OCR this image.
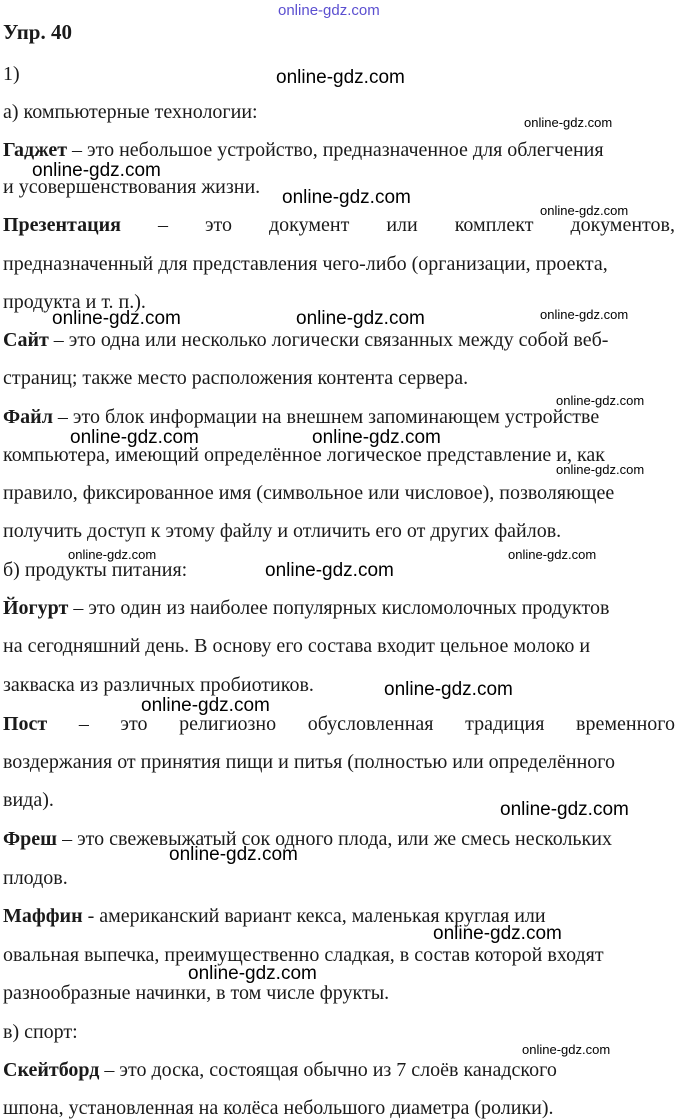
online-gdz.com
online-gdz.com
online-gdz.com
online-gdz.com
online-gdz.com
online-gdz.com
online-gdz.com
online-gdz.com	online-gdz.com
online-gdz.com
online-gdz.com	online-gdz.com
online-gdz.com
online-gdz.com	online-gdz.com
online-gdz.com
online-gdz.com
online-gdz.com
online-gdz.com
online-gdz.com
online-gdz.com
online-gdz.com
online-gdz.com
Упр. 40
1)
а) компьютерные технологии:
Гаджет – это небольшое устройство, предназначенное для облегчения
и усовершенствования жизни.
Презентация – это документ или комплект документов,
предназначенный для представления чего-либо (организации, проекта,
продукта и т. п.).
Сайт – это одна или несколько логически связанных между собой веб-
страниц; также место расположения контента сервера.
Файл – это блок информации на внешнем запоминающем устройстве
компьютера, имеющий определённое логическое представление и, как
правило, фиксированное имя (символьное или числовое), позволяющее
получить доступ к этому файлу и отличить его от других файлов.
б) продукты питания:
Йогурт – это один из наиболее популярных кисломолочных продуктов
на сегодняшний день. В основу его состава входит цельное молоко и
закваска из различных пробиотиков.
Пост – это религиозно обусловленная традиция временного
воздержания от принятия пищи и питья (полностью или определённого
вида).
Фреш – это свежевыжатый сок одного плода, или же смесь нескольких
плодов.
Маффин - американский вариант кекса, маленькая круглая или
овальная выпечка, преимущественно сладкая, в состав которой входят
разнообразные начинки, в том числе фрукты.
в) спорт:
Скейтборд – это доска, состоящая обычно из 7 слоёв канадского
шпона, установленная на колёса небольшого диаметра (ролики).
